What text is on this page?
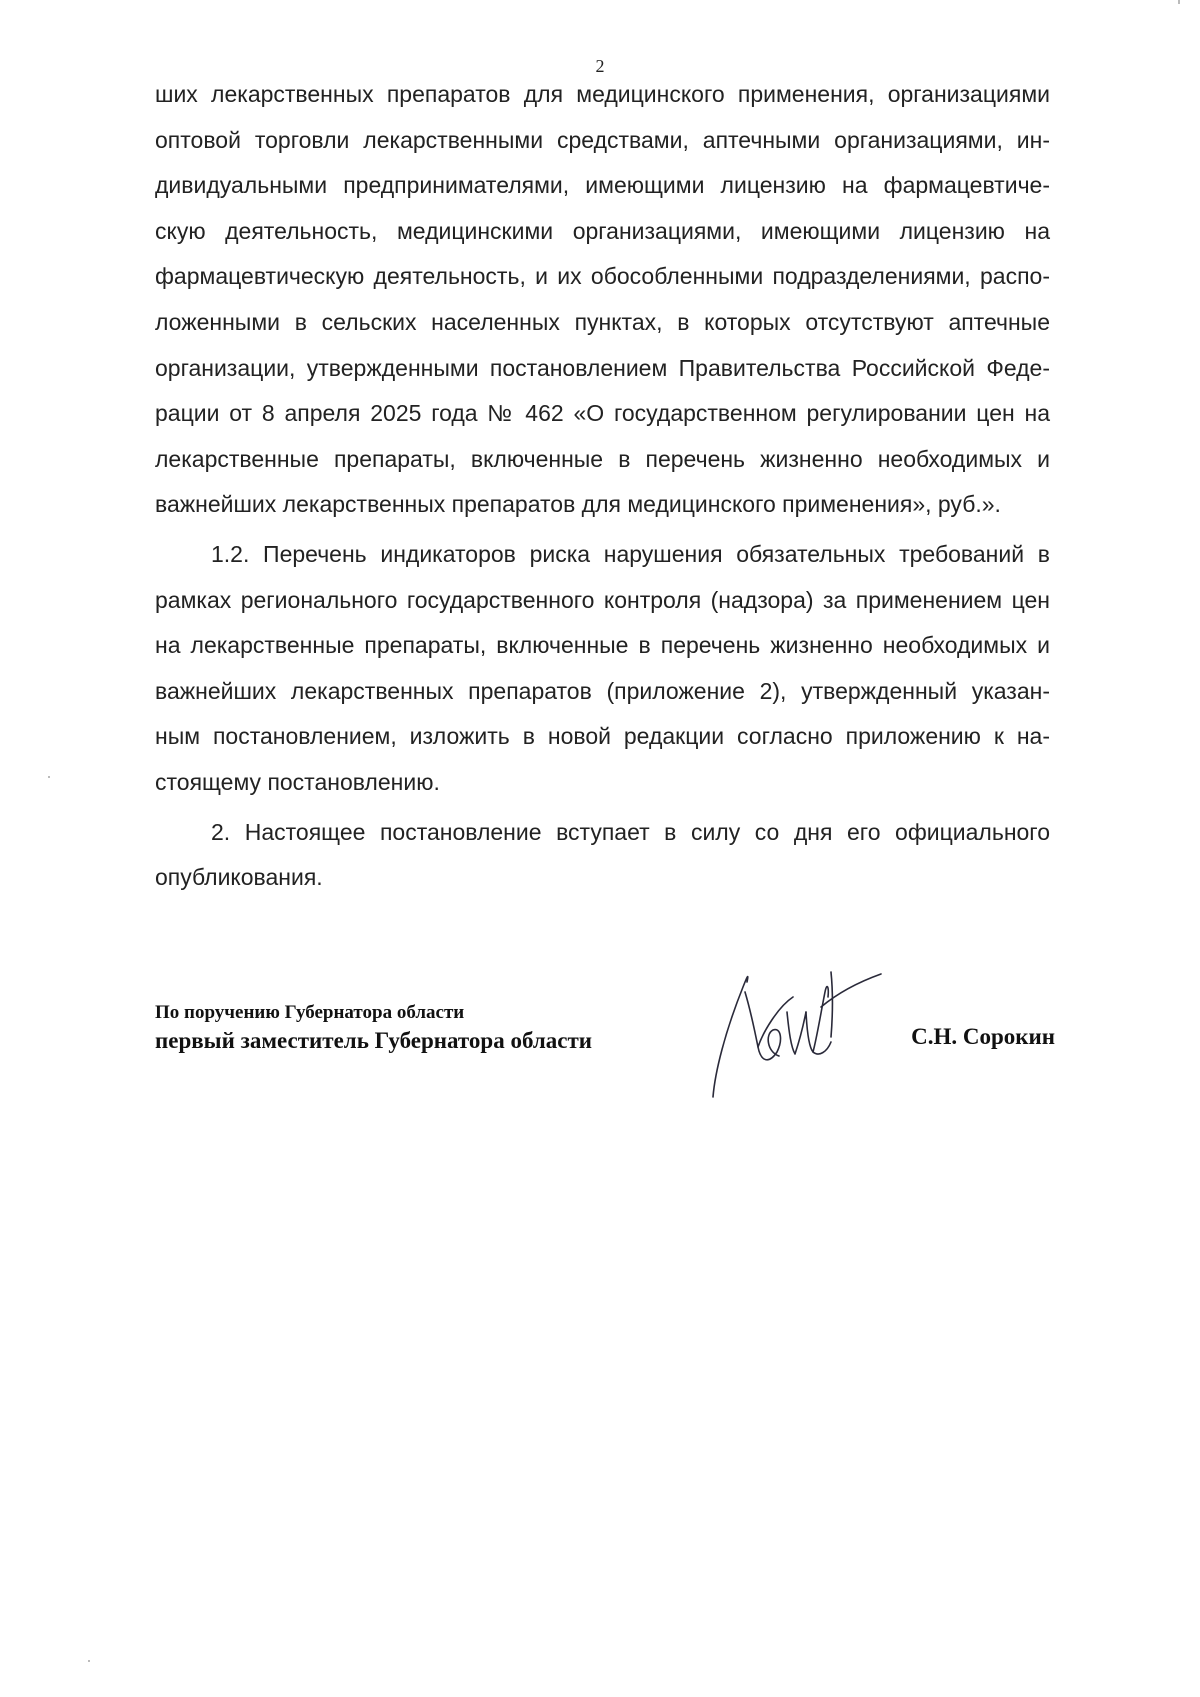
2
ших лекарственных препаратов для медицинского применения, организациями
оптовой торговли лекарственными средствами, аптечными организациями, ин-
дивидуальными предпринимателями, имеющими лицензию на фармацевтиче-
скую деятельность, медицинскими организациями, имеющими лицензию на
фармацевтическую деятельность, и их обособленными подразделениями, распо-
ложенными в сельских населенных пунктах, в которых отсутствуют аптечные
организации, утвержденными постановлением Правительства Российской Феде-
рации от 8 апреля 2025 года № 462 «О государственном регулировании цен на
лекарственные препараты, включенные в перечень жизненно необходимых и
важнейших лекарственных препаратов для медицинского применения», руб.».
1.2. Перечень индикаторов риска нарушения обязательных требований в
рамках регионального государственного контроля (надзора) за применением цен
на лекарственные препараты, включенные в перечень жизненно необходимых и
важнейших лекарственных препаратов (приложение 2), утвержденный указан-
ным постановлением, изложить в новой редакции согласно приложению к на-
стоящему постановлению.
2. Настоящее постановление вступает в силу со дня его официального
опубликования.
По поручению Губернатора области
первый заместитель Губернатора области	С.Н. Сорокин
